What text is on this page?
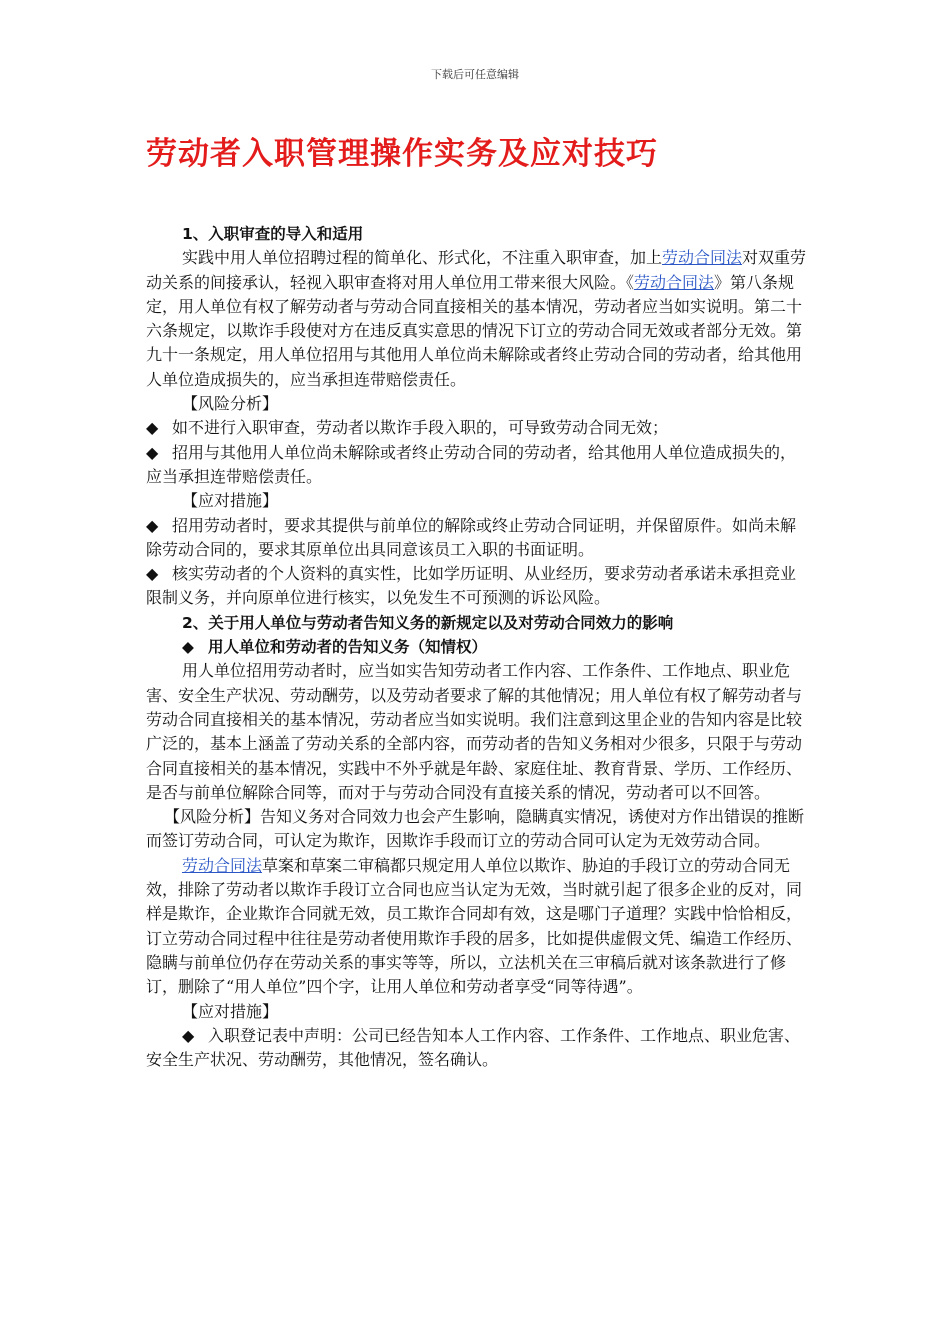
下载后可任意编辑
劳动者入职管理操作实务及应对技巧

1、入职审查的导入和适用

实践中用人单位招聘过程的简单化、形式化，不注重入职审查，加上劳动合同法对双重劳动关系的间接承认，轻视入职审查将对用人单位用工带来很大风险。《劳动合同法》第八条规定，用人单位有权了解劳动者与劳动合同直接相关的基本情况，劳动者应当如实说明。第二十六条规定，以欺诈手段使对方在违反真实意思的情况下订立的劳动合同无效或者部分无效。第九十一条规定，用人单位招用与其他用人单位尚未解除或者终止劳动合同的劳动者，给其他用人单位造成损失的，应当承担连带赔偿责任。

【风险分析】

◆ 如不进行入职审查，劳动者以欺诈手段入职的，可导致劳动合同无效；

◆ 招用与其他用人单位尚未解除或者终止劳动合同的劳动者，给其他用人单位造成损失的，应当承担连带赔偿责任。

【应对措施】

◆ 招用劳动者时，要求其提供与前单位的解除或终止劳动合同证明，并保留原件。如尚未解除劳动合同的，要求其原单位出具同意该员工入职的书面证明。

◆ 核实劳动者的个人资料的真实性，比如学历证明、从业经历，要求劳动者承诺未承担竞业限制义务，并向原单位进行核实，以免发生不可预测的诉讼风险。

2、关于用人单位与劳动者告知义务的新规定以及对劳动合同效力的影响

◆ 用人单位和劳动者的告知义务（知情权）

用人单位招用劳动者时，应当如实告知劳动者工作内容、工作条件、工作地点、职业危害、安全生产状况、劳动酬劳，以及劳动者要求了解的其他情况；用人单位有权了解劳动者与劳动合同直接相关的基本情况，劳动者应当如实说明。我们注意到这里企业的告知内容是比较广泛的，基本上涵盖了劳动关系的全部内容，而劳动者的告知义务相对少很多，只限于与劳动合同直接相关的基本情况，实践中不外乎就是年龄、家庭住址、教育背景、学历、工作经历、是否与前单位解除合同等，而对于与劳动合同没有直接关系的情况，劳动者可以不回答。

【风险分析】告知义务对合同效力也会产生影响，隐瞒真实情况，诱使对方作出错误的推断而签订劳动合同，可认定为欺诈，因欺诈手段而订立的劳动合同可认定为无效劳动合同。

劳动合同法草案和草案二审稿都只规定用人单位以欺诈、胁迫的手段订立的劳动合同无效，排除了劳动者以欺诈手段订立合同也应当认定为无效，当时就引起了很多企业的反对，同样是欺诈，企业欺诈合同就无效，员工欺诈合同却有效，这是哪门子道理？实践中恰恰相反，订立劳动合同过程中往往是劳动者使用欺诈手段的居多，比如提供虚假文凭、编造工作经历、隐瞒与前单位仍存在劳动关系的事实等等，所以，立法机关在三审稿后就对该条款进行了修订，删除了“用人单位”四个字，让用人单位和劳动者享受“同等待遇”。

【应对措施】

◆ 入职登记表中声明：公司已经告知本人工作内容、工作条件、工作地点、职业危害、安全生产状况、劳动酬劳，其他情况，签名确认。
